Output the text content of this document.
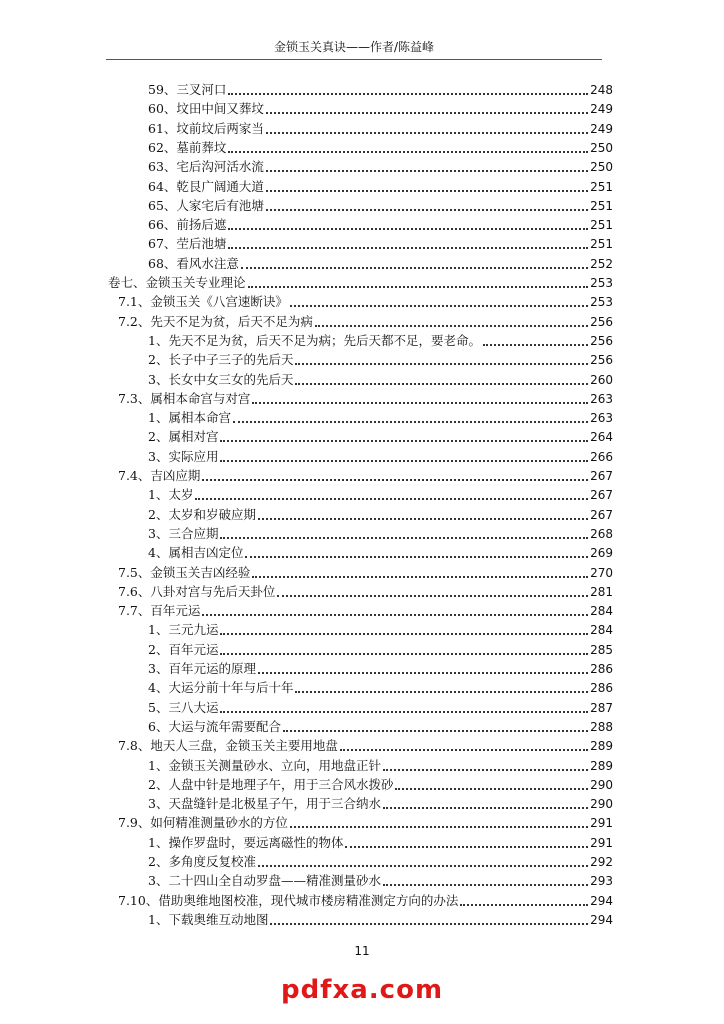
金锁玉关真诀——作者/陈益峰
59、三叉河口	248
60、坟田中间又葬坟	249
61、坟前坟后两家当	249
62、墓前葬坟	250
63、宅后沟河活水流	250
64、乾艮广阔通大道	251
65、人家宅后有池塘	251
66、前扬后遮	251
67、茔后池塘	251
68、看风水注意	252
卷七、金锁玉关专业理论	253
7.1、金锁玉关《八宫速断诀》	253
7.2、先天不足为贫，后天不足为病	256
1、先天不足为贫，后天不足为病；先后天都不足，要老命。	256
2、长子中子三子的先后天	256
3、长女中女三女的先后天	260
7.3、属相本命宫与对宫	263
1、属相本命宫	263
2、属相对宫	264
3、实际应用	266
7.4、吉凶应期	267
1、太岁	267
2、太岁和岁破应期	267
3、三合应期	268
4、属相吉凶定位	269
7.5、金锁玉关吉凶经验	270
7.6、八卦对宫与先后天卦位	281
7.7、百年元运	284
1、三元九运	284
2、百年元运	285
3、百年元运的原理	286
4、大运分前十年与后十年	286
5、三八大运	287
6、大运与流年需要配合	288
7.8、地天人三盘，金锁玉关主要用地盘	289
1、金锁玉关测量砂水、立向，用地盘正针	289
2、人盘中针是地理子午，用于三合风水拨砂	290
3、天盘缝针是北极星子午，用于三合纳水	290
7.9、如何精准测量砂水的方位	291
1、操作罗盘时，要远离磁性的物体	291
2、多角度反复校准	292
3、二十四山全自动罗盘——精准测量砂水	293
7.10、借助奥维地图校准，现代城市楼房精准测定方向的办法	294
1、下载奥维互动地图	294
11
pdfxa.com
